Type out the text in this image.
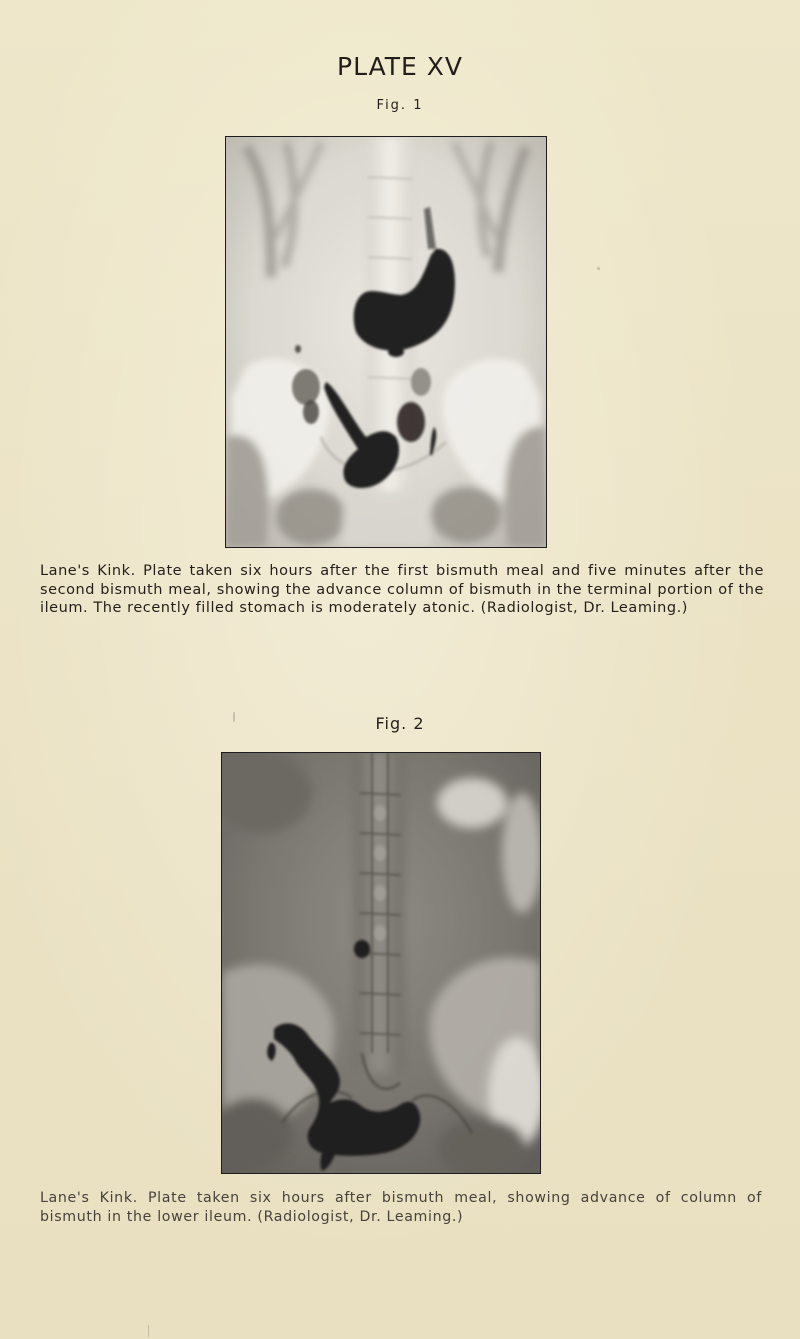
PLATE XV
Fig. 1
Lane's Kink. Plate taken six hours after the first bismuth meal and five minutes after the second bismuth meal, showing the advance column of bismuth in the terminal portion of the ileum. The recently filled stomach is moderately atonic. (Radiologist, Dr. Leaming.)
Fig. 2
Lane's Kink. Plate taken six hours after bismuth meal, showing advance of column of bismuth in the lower ileum. (Radiologist, Dr. Leaming.)
